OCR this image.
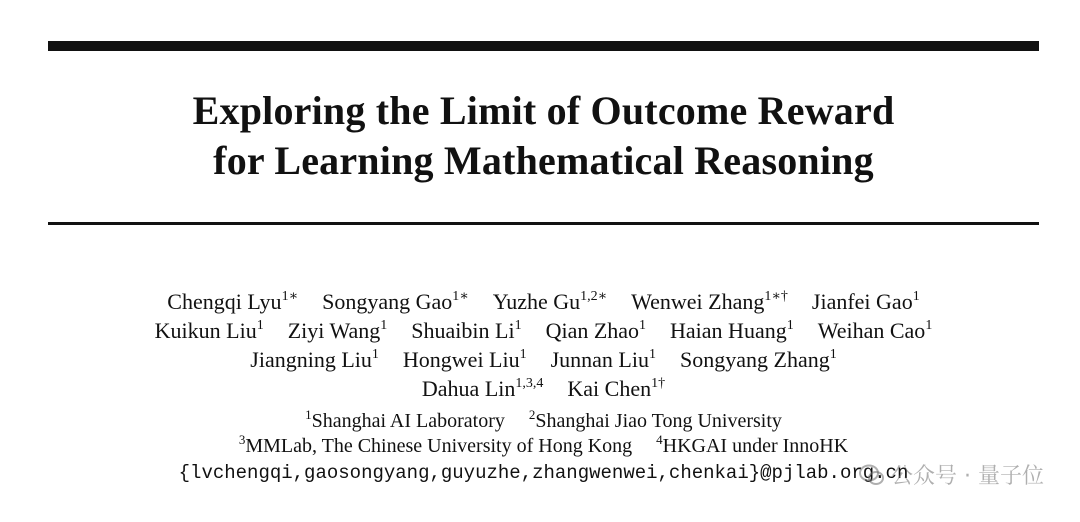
Exploring the Limit of Outcome Reward
for Learning Mathematical Reasoning
Chengqi Lyu$^{1∗}$ Songyang Gao$^{1∗}$ Yuzhe $Gu^{1,2∗}$ Wenwei Zhang$^{1∗\dagger}$ Jianfei Gao$^1$
Kuikun Liu$^1$ Ziyi Wang$^1$ Shuaibin Li$^1$ Qian Zhao$^1$ Haian Huang$^1$ Weihan Cao$^1$
Jiangning Liu$^1$ Hongwei Liu$^1$ Junnan Liu$^1$ Songyang Zhang$^1$
Dahua Lin$^{1,3,4}$ Kai Chen$^{1\dagger}$
$^1$Shanghai AI Laboratory $^2$Shanghai Jiao Tong University
$^3$MMLab, The Chinese University of Hong Kong $^4$HKGAI under InnoHK
{lvchengqi,gaosongyang,guyuzhe,zhangwenwei,chenkai}@pjlab.org.cn
公众号 · 量子位
